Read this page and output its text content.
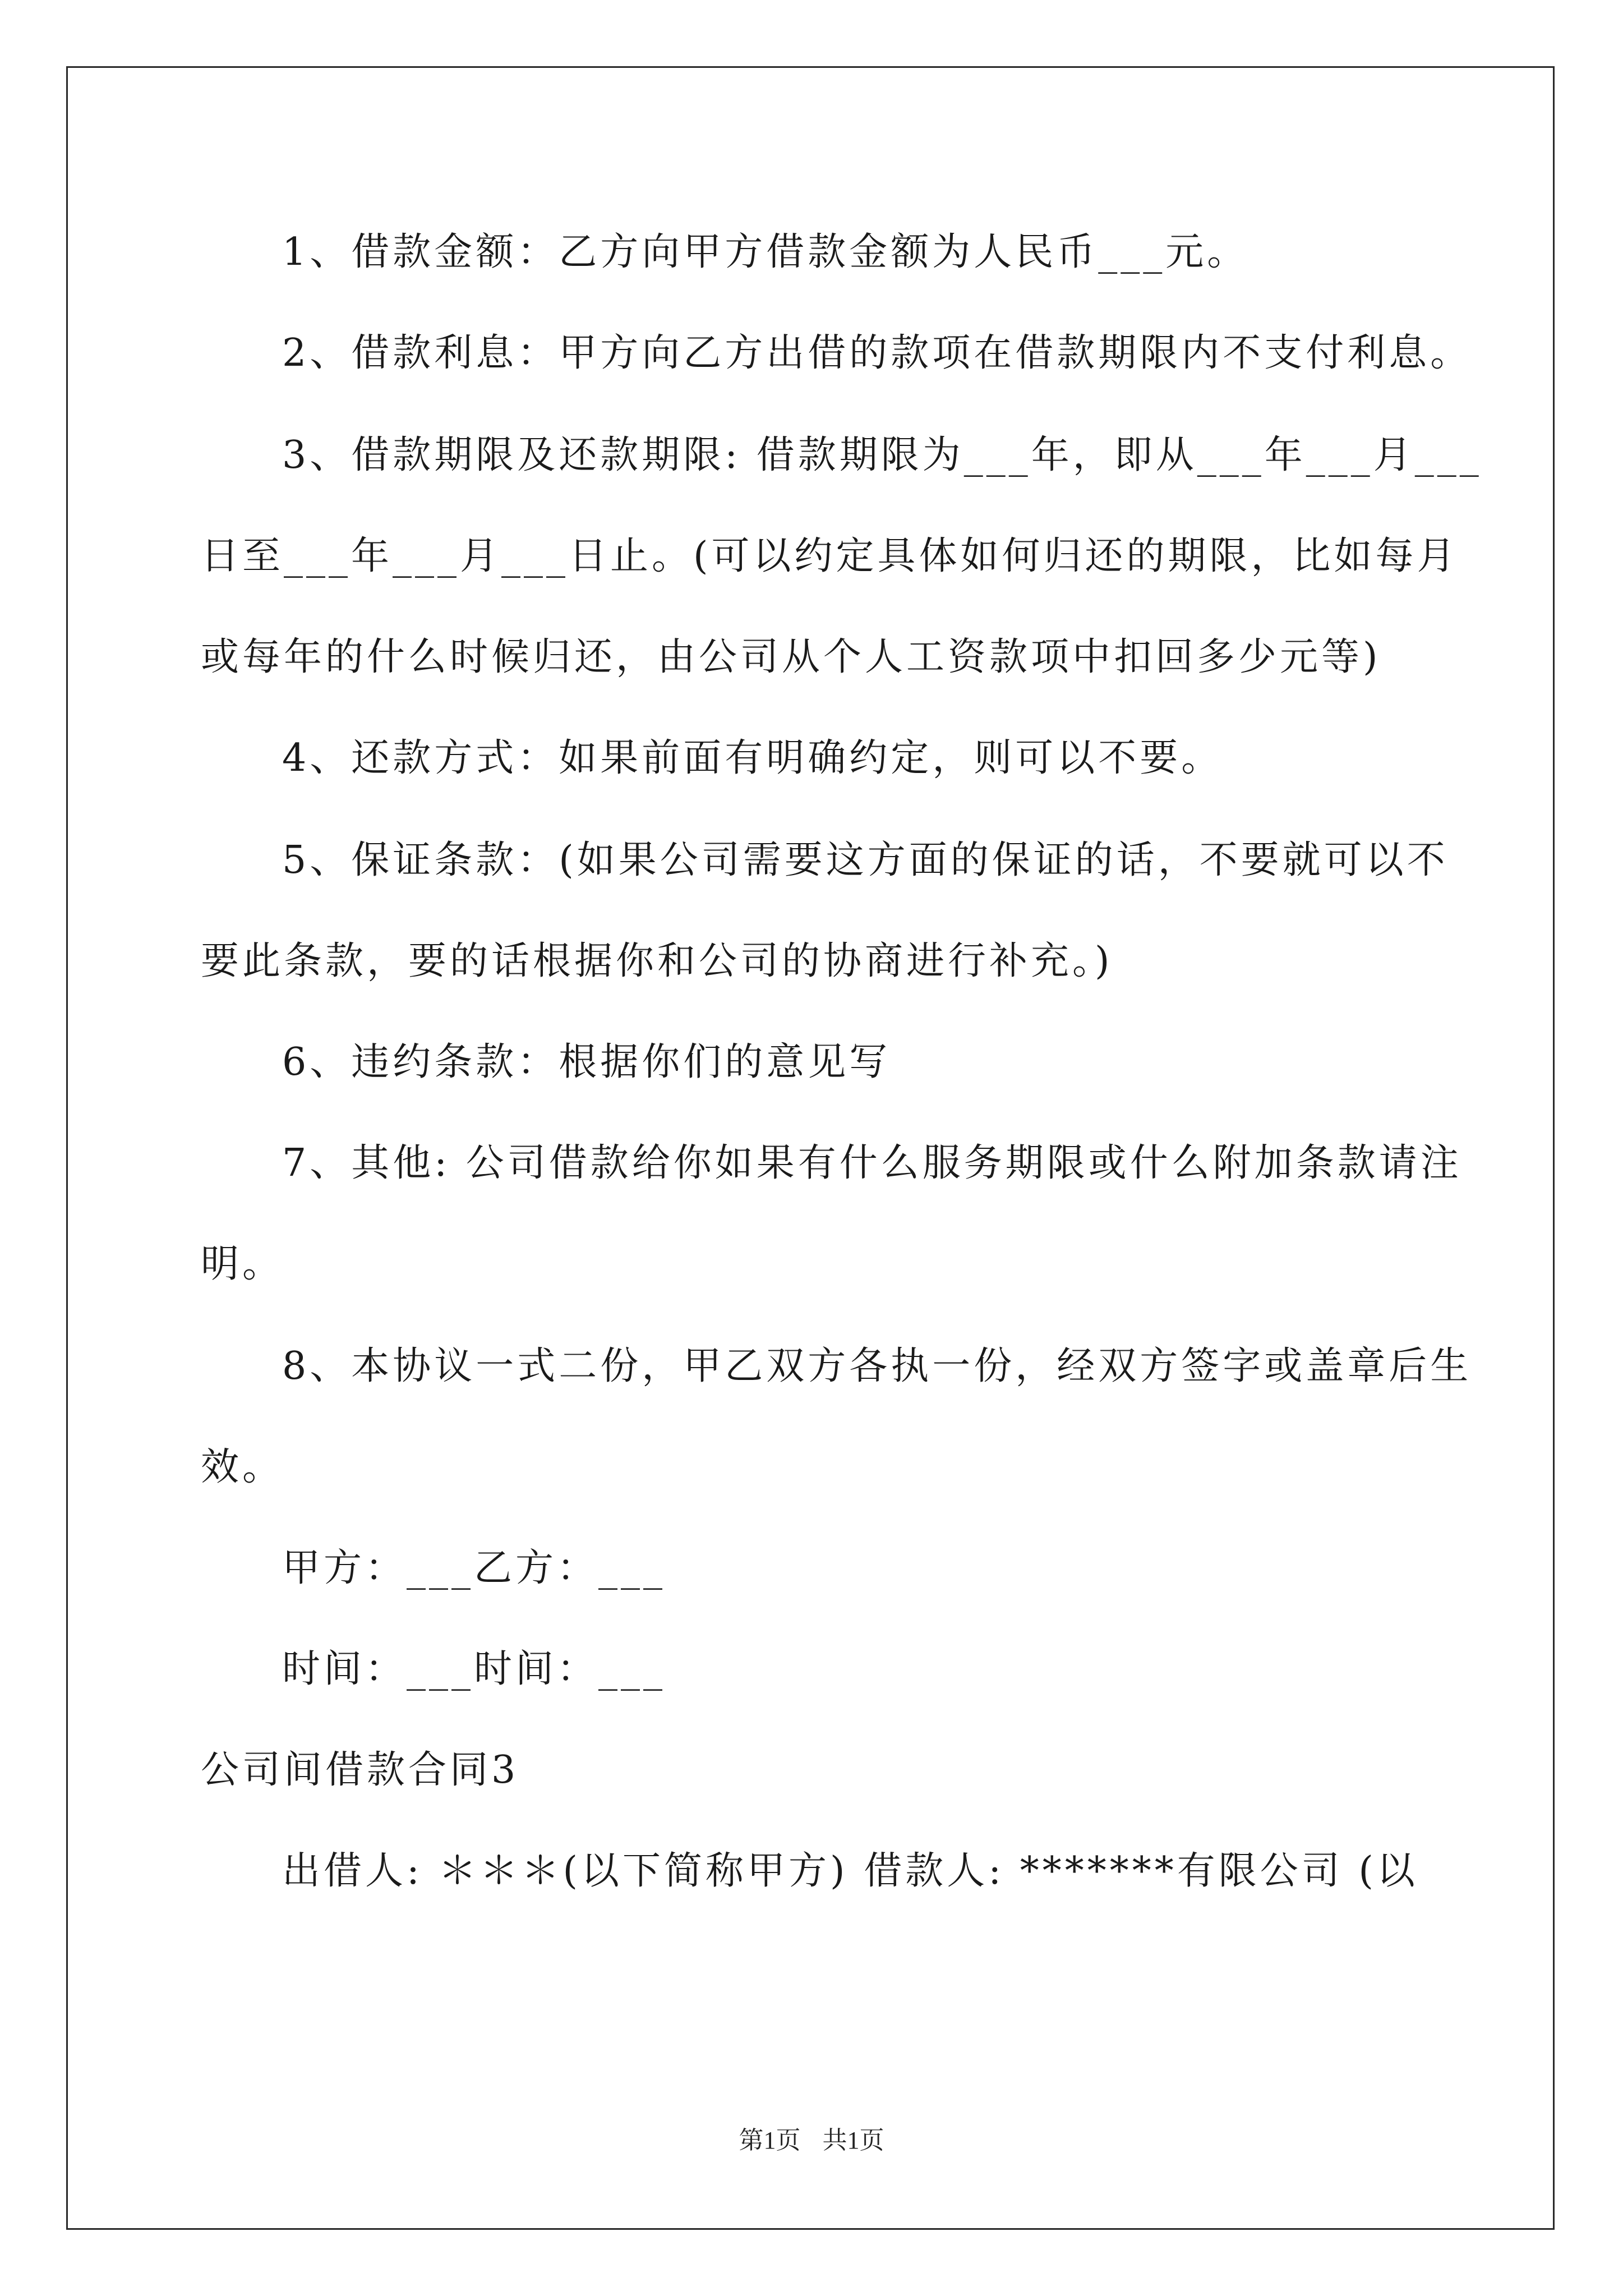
1、借款金额：乙方向甲方借款金额为人民币___元。
2、借款利息：甲方向乙方出借的款项在借款期限内不支付利息。
3、借款期限及还款期限: 借款期限为___年，即从___年___月___
日至___年___月___日止。(可以约定具体如何归还的期限，比如每月
或每年的什么时候归还，由公司从个人工资款项中扣回多少元等)
4、还款方式：如果前面有明确约定，则可以不要。
5、保证条款：(如果公司需要这方面的保证的话，不要就可以不
要此条款，要的话根据你和公司的协商进行补充。)
6、违约条款：根据你们的意见写
7、其他: 公司借款给你如果有什么服务期限或什么附加条款请注
明。
8、本协议一式二份，甲乙双方各执一份，经双方签字或盖章后生
效。
甲方：___乙方：___
时间：___时间：___
公司间借款合同3
出借人: ＊＊＊(以下简称甲方) 借款人: *******有限公司 (以
第1页 共1页
